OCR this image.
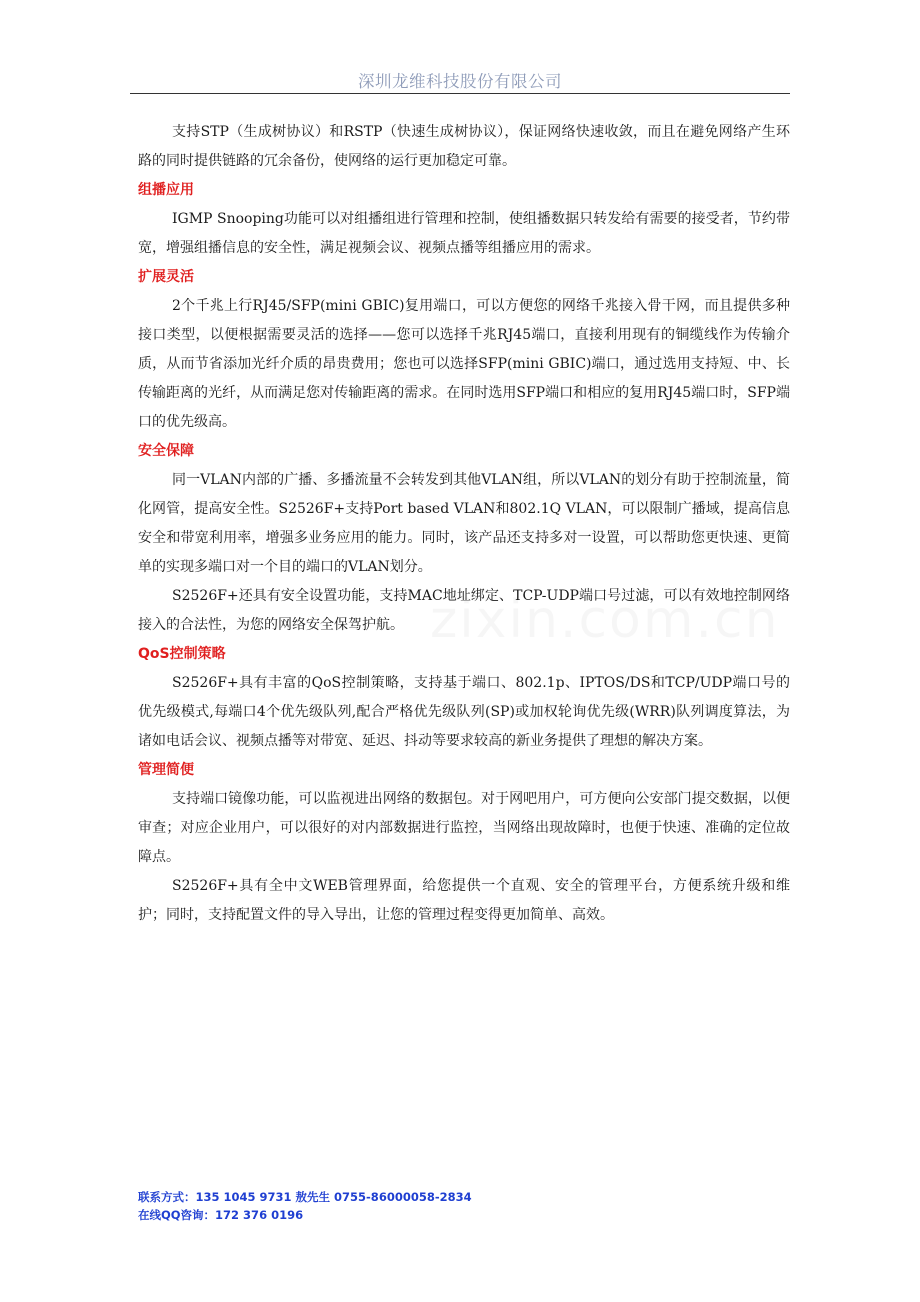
深圳龙维科技股份有限公司

支持STP（生成树协议）和RSTP（快速生成树协议），保证网络快速收敛，而且在避免网络产生环路的同时提供链路的冗余备份，使网络的运行更加稳定可靠。

组播应用

IGMP Snooping功能可以对组播组进行管理和控制，使组播数据只转发给有需要的接受者，节约带宽，增强组播信息的安全性，满足视频会议、视频点播等组播应用的需求。

扩展灵活

2个千兆上行RJ45/SFP(mini GBIC)复用端口，可以方便您的网络千兆接入骨干网，而且提供多种接口类型，以便根据需要灵活的选择——您可以选择千兆RJ45端口，直接利用现有的铜缆线作为传输介质，从而节省添加光纤介质的昂贵费用；您也可以选择SFP(mini GBIC)端口，通过选用支持短、中、长传输距离的光纤，从而满足您对传输距离的需求。在同时选用SFP端口和相应的复用RJ45端口时，SFP端口的优先级高。

安全保障

同一VLAN内部的广播、多播流量不会转发到其他VLAN组，所以VLAN的划分有助于控制流量，简化网管，提高安全性。S2526F+支持Port based VLAN和802.1Q VLAN，可以限制广播域，提高信息安全和带宽利用率，增强多业务应用的能力。同时，该产品还支持多对一设置，可以帮助您更快速、更简单的实现多端口对一个目的端口的VLAN划分。

S2526F+还具有安全设置功能，支持MAC地址绑定、TCP-UDP端口号过滤，可以有效地控制网络接入的合法性，为您的网络安全保驾护航。

QoS控制策略

S2526F+具有丰富的QoS控制策略，支持基于端口、802.1p、IPTOS/DS和TCP/UDP端口号的优先级模式,每端口4个优先级队列,配合严格优先级队列(SP)或加权轮询优先级(WRR)队列调度算法，为诸如电话会议、视频点播等对带宽、延迟、抖动等要求较高的新业务提供了理想的解决方案。

管理简便

支持端口镜像功能，可以监视进出网络的数据包。对于网吧用户，可方便向公安部门提交数据，以便审查；对应企业用户，可以很好的对内部数据进行监控，当网络出现故障时，也便于快速、准确的定位故障点。

S2526F+具有全中文WEB管理界面，给您提供一个直观、安全的管理平台，方便系统升级和维护；同时，支持配置文件的导入导出，让您的管理过程变得更加简单、高效。

联系方式：135 1045 9731 敖先生 0755-86000058-2834
在线QQ咨询：172 376 0196
